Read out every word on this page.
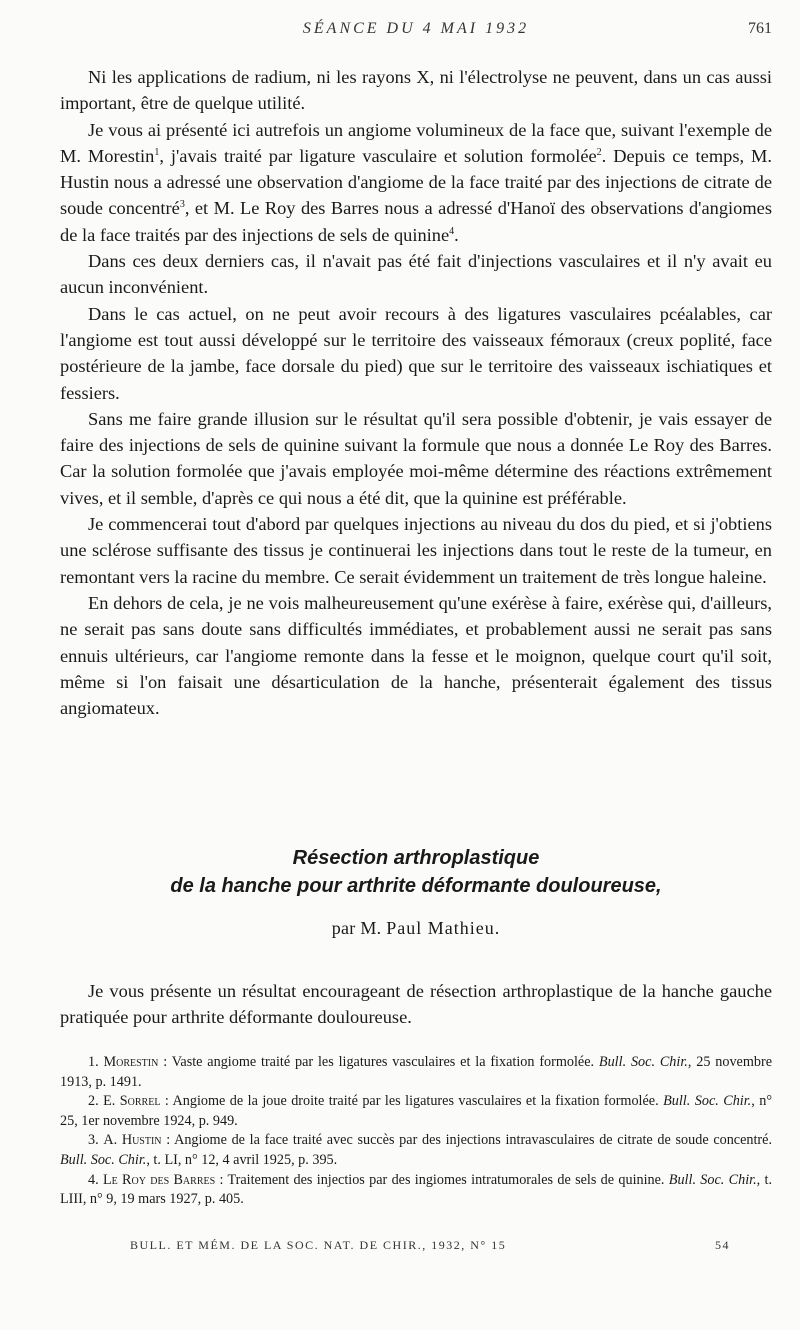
SÉANCE DU 4 MAI 1932	761

Ni les applications de radium, ni les rayons X, ni l'électrolyse ne peuvent, dans un cas aussi important, être de quelque utilité.

Je vous ai présenté ici autrefois un angiome volumineux de la face que, suivant l'exemple de M. Morestin$^1$, j'avais traité par ligature vasculaire et solution formolée$^2$. Depuis ce temps, M. Hustin nous a adressé une observation d'angiome de la face traité par des injections de citrate de soude concentré$^3$, et M. Le Roy des Barres nous a adressé d'Hanoï des observations d'angiomes de la face traités par des injections de sels de quinine$^4$.

Dans ces deux derniers cas, il n'avait pas été fait d'injections vasculaires et il n'y avait eu aucun inconvénient.

Dans le cas actuel, on ne peut avoir recours à des ligatures vasculaires pcéalables, car l'angiome est tout aussi développé sur le territoire des vaisseaux fémoraux (creux poplité, face postérieure de la jambe, face dorsale du pied) que sur le territoire des vaisseaux ischiatiques et fessiers.

Sans me faire grande illusion sur le résultat qu'il sera possible d'obtenir, je vais essayer de faire des injections de sels de quinine suivant la formule que nous a donnée Le Roy des Barres. Car la solution formolée que j'avais employée moi-même détermine des réactions extrêmement vives, et il semble, d'après ce qui nous a été dit, que la quinine est préférable.

Je commencerai tout d'abord par quelques injections au niveau du dos du pied, et si j'obtiens une sclérose suffisante des tissus je continuerai les injections dans tout le reste de la tumeur, en remontant vers la racine du membre. Ce serait évidemment un traitement de très longue haleine.

En dehors de cela, je ne vois malheureusement qu'une exérèse à faire, exérèse qui, d'ailleurs, ne serait pas sans doute sans difficultés immédiates, et probablement aussi ne serait pas sans ennuis ultérieurs, car l'angiome remonte dans la fesse et le moignon, quelque court qu'il soit, même si l'on faisait une désarticulation de la hanche, présenterait également des tissus angiomateux.

Résection arthroplastique
de la hanche pour arthrite déformante douloureuse,
par M. Paul Mathieu.

Je vous présente un résultat encourageant de résection arthroplastique de la hanche gauche pratiquée pour arthrite déformante douloureuse.

1. Morestin : Vaste angiome traité par les ligatures vasculaires et la fixation formolée. Bull. Soc. Chir., 25 novembre 1913, p. 1491.

2. E. Sorrel : Angiome de la joue droite traité par les ligatures vasculaires et la fixation formolée. Bull. Soc. Chir., n° 25, 1er novembre 1924, p. 949.

3. A. Hustin : Angiome de la face traité avec succès par des injections intravasculaires de citrate de soude concentré. Bull. Soc. Chir., t. LI, n° 12, 4 avril 1925, p. 395.

4. Le Roy des Barres : Traitement des injectios par des ingiomes intratumorales de sels de quinine. Bull. Soc. Chir., t. LIII, n° 9, 19 mars 1927, p. 405.

BULL. ET MÉM. DE LA SOC. NAT. DE CHIR., 1932, N° 15	54
